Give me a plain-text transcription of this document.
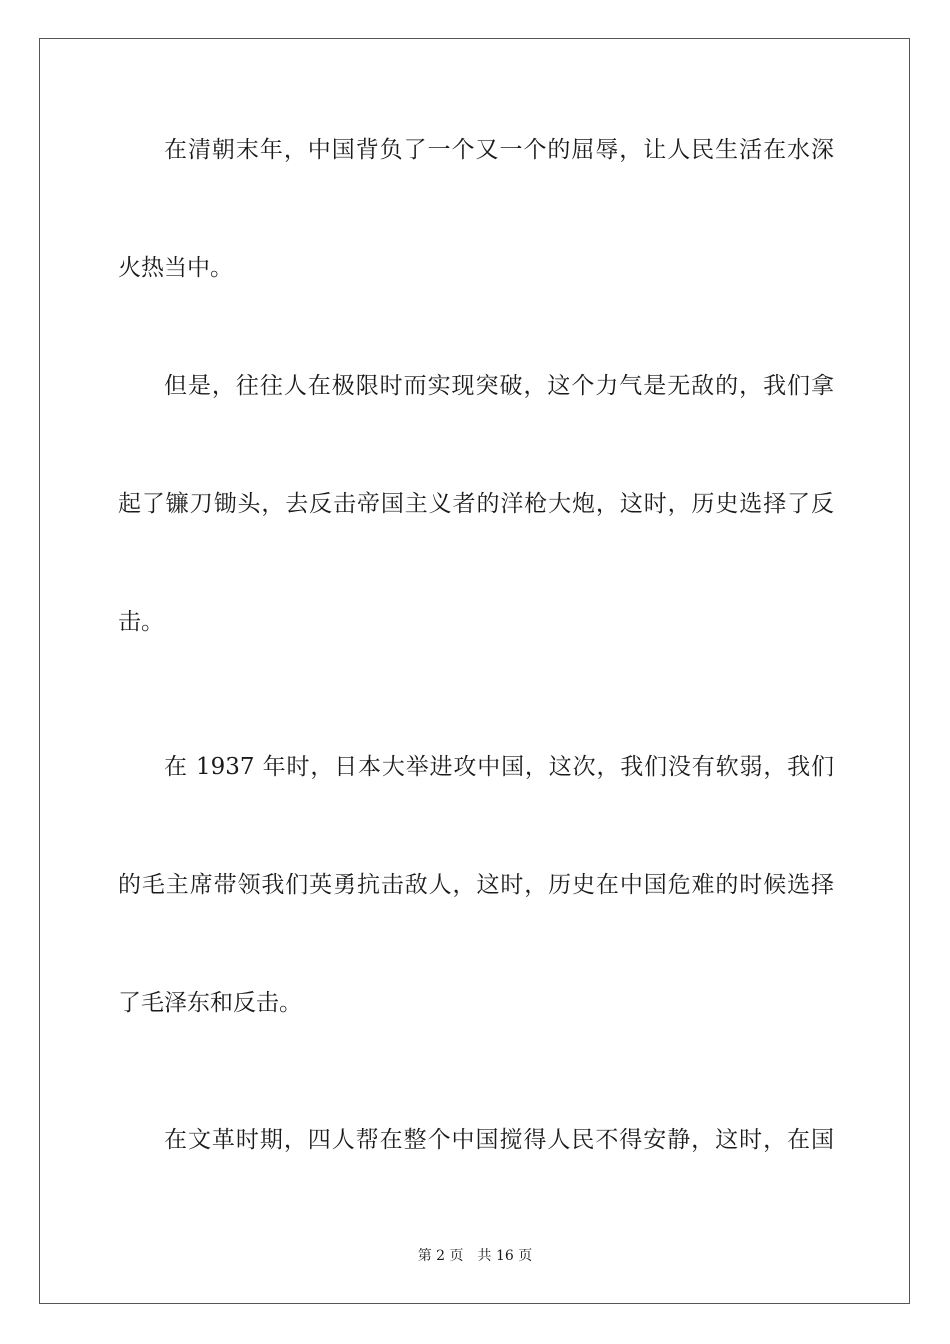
在清朝末年，中国背负了一个又一个的屈辱，让人民生活在水深
火热当中。
但是，往往人在极限时而实现突破，这个力气是无敌的，我们拿
起了镰刀锄头，去反击帝国主义者的洋枪大炮，这时，历史选择了反
击。
在 1937 年时，日本大举进攻中国，这次，我们没有软弱，我们
的毛主席带领我们英勇抗击敌人，这时，历史在中国危难的时候选择
了毛泽东和反击。
在文革时期，四人帮在整个中国搅得人民不得安静，这时，在国
第 2 页 共 16 页
